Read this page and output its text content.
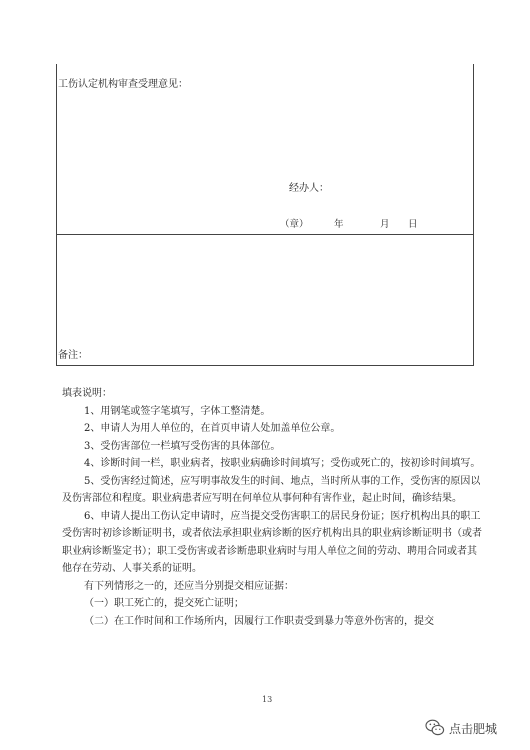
工伤认定机构审查受理意见：
经办人：
（章）	年	月 日
备注：

填表说明：

1、用钢笔或签字笔填写，字体工整清楚。

2、申请人为用人单位的，在首页申请人处加盖单位公章。

3、受伤害部位一栏填写受伤害的具体部位。

4、诊断时间一栏，职业病者，按职业病确诊时间填写；受伤或死亡的，按初诊时间填写。

5、受伤害经过简述，应写明事故发生的时间、地点，当时所从事的工作，受伤害的原因以及伤害部位和程度。职业病患者应写明在何单位从事何种有害作业，起止时间，确诊结果。

6、申请人提出工伤认定申请时，应当提交受伤害职工的居民身份证；医疗机构出具的职工受伤害时初诊诊断证明书，或者依法承担职业病诊断的医疗机构出具的职业病诊断证明书（或者职业病诊断鉴定书）；职工受伤害或者诊断患职业病时与用人单位之间的劳动、聘用合同或者其他存在劳动、人事关系的证明。

有下列情形之一的，还应当分别提交相应证据：

（一）职工死亡的，提交死亡证明；

（二）在工作时间和工作场所内，因履行工作职责受到暴力等意外伤害的，提交

13
点击肥城
